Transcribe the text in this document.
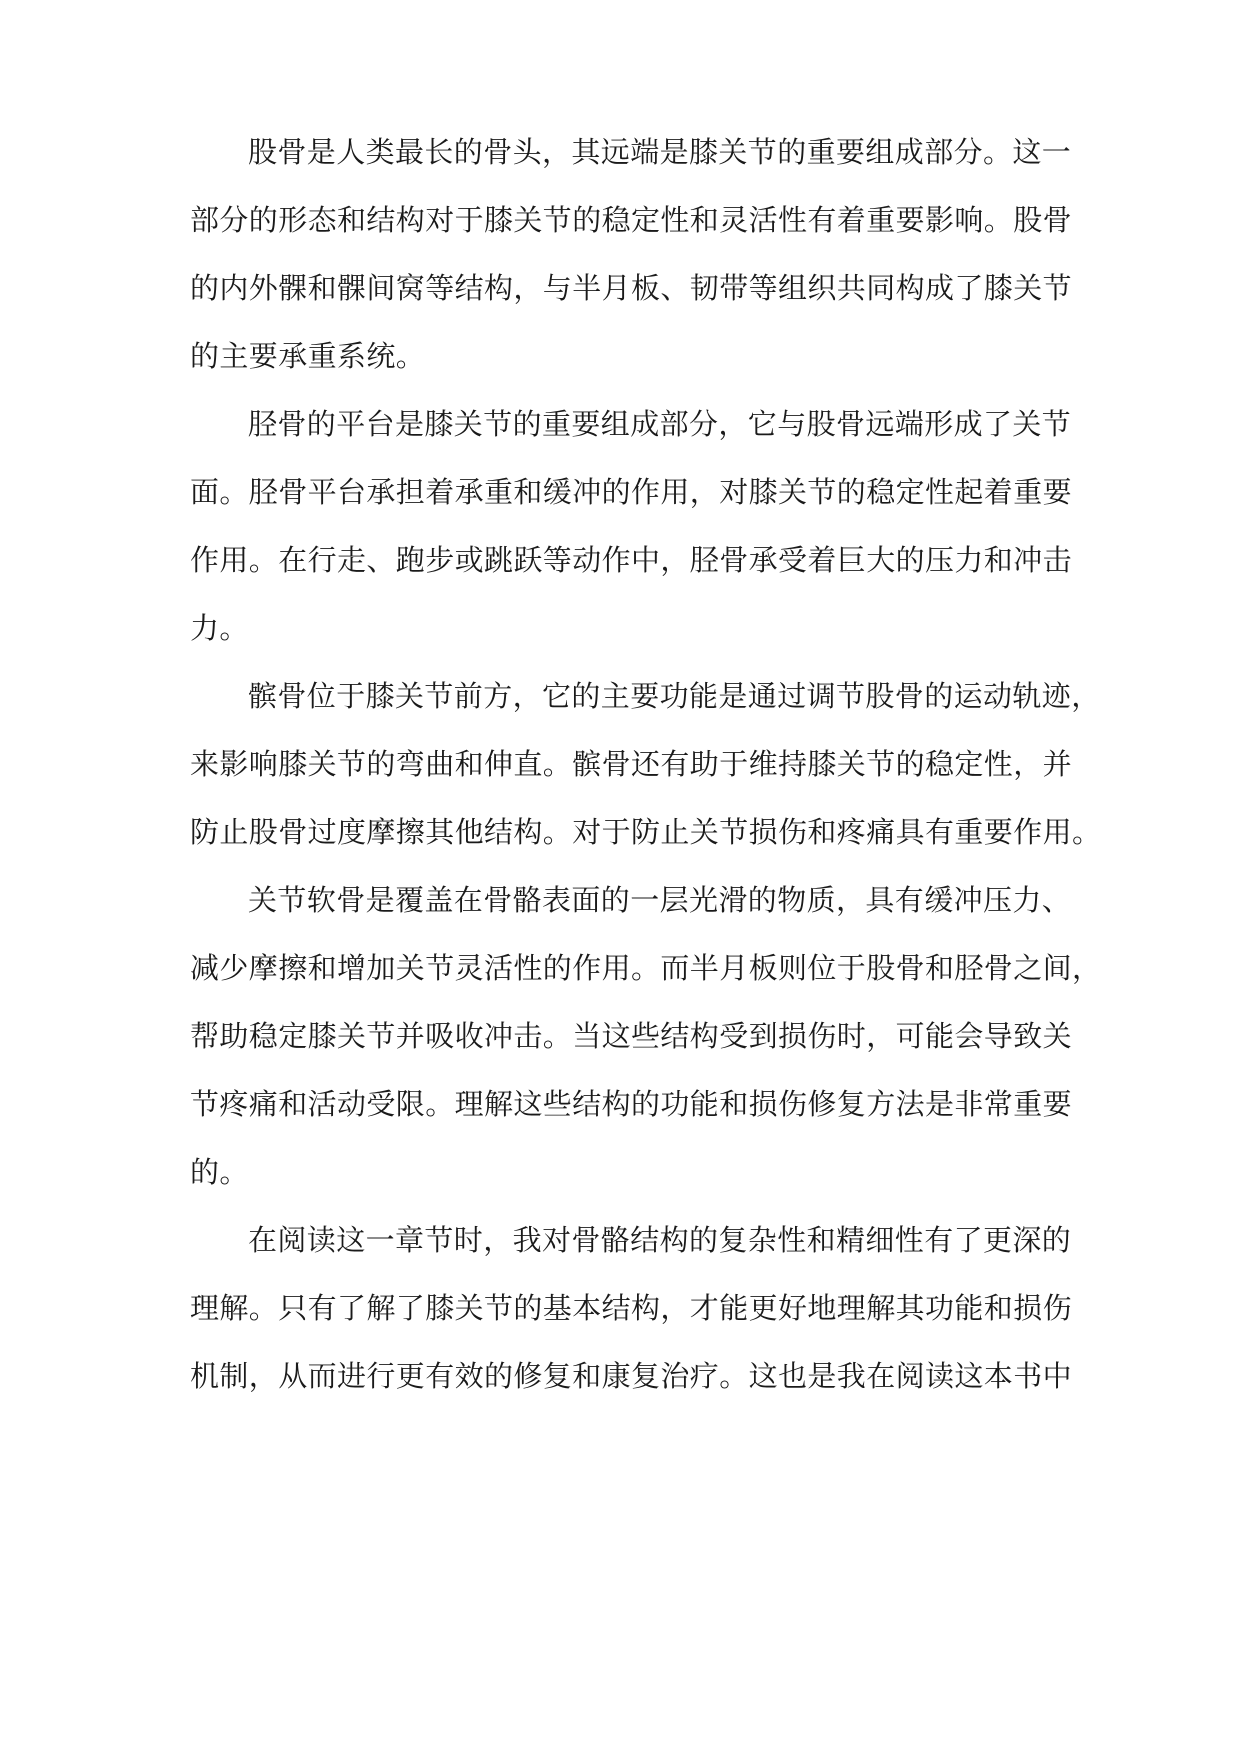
股骨是人类最长的骨头，其远端是膝关节的重要组成部分。这一
部分的形态和结构对于膝关节的稳定性和灵活性有着重要影响。股骨
的内外髁和髁间窝等结构，与半月板、韧带等组织共同构成了膝关节
的主要承重系统。
胫骨的平台是膝关节的重要组成部分，它与股骨远端形成了关节
面。胫骨平台承担着承重和缓冲的作用，对膝关节的稳定性起着重要
作用。在行走、跑步或跳跃等动作中，胫骨承受着巨大的压力和冲击
力。
髌骨位于膝关节前方，它的主要功能是通过调节股骨的运动轨迹，
来影响膝关节的弯曲和伸直。髌骨还有助于维持膝关节的稳定性，并
防止股骨过度摩擦其他结构。对于防止关节损伤和疼痛具有重要作用。
关节软骨是覆盖在骨骼表面的一层光滑的物质，具有缓冲压力、
减少摩擦和增加关节灵活性的作用。而半月板则位于股骨和胫骨之间，
帮助稳定膝关节并吸收冲击。当这些结构受到损伤时，可能会导致关
节疼痛和活动受限。理解这些结构的功能和损伤修复方法是非常重要
的。
在阅读这一章节时，我对骨骼结构的复杂性和精细性有了更深的
理解。只有了解了膝关节的基本结构，才能更好地理解其功能和损伤
机制，从而进行更有效的修复和康复治疗。这也是我在阅读这本书中
